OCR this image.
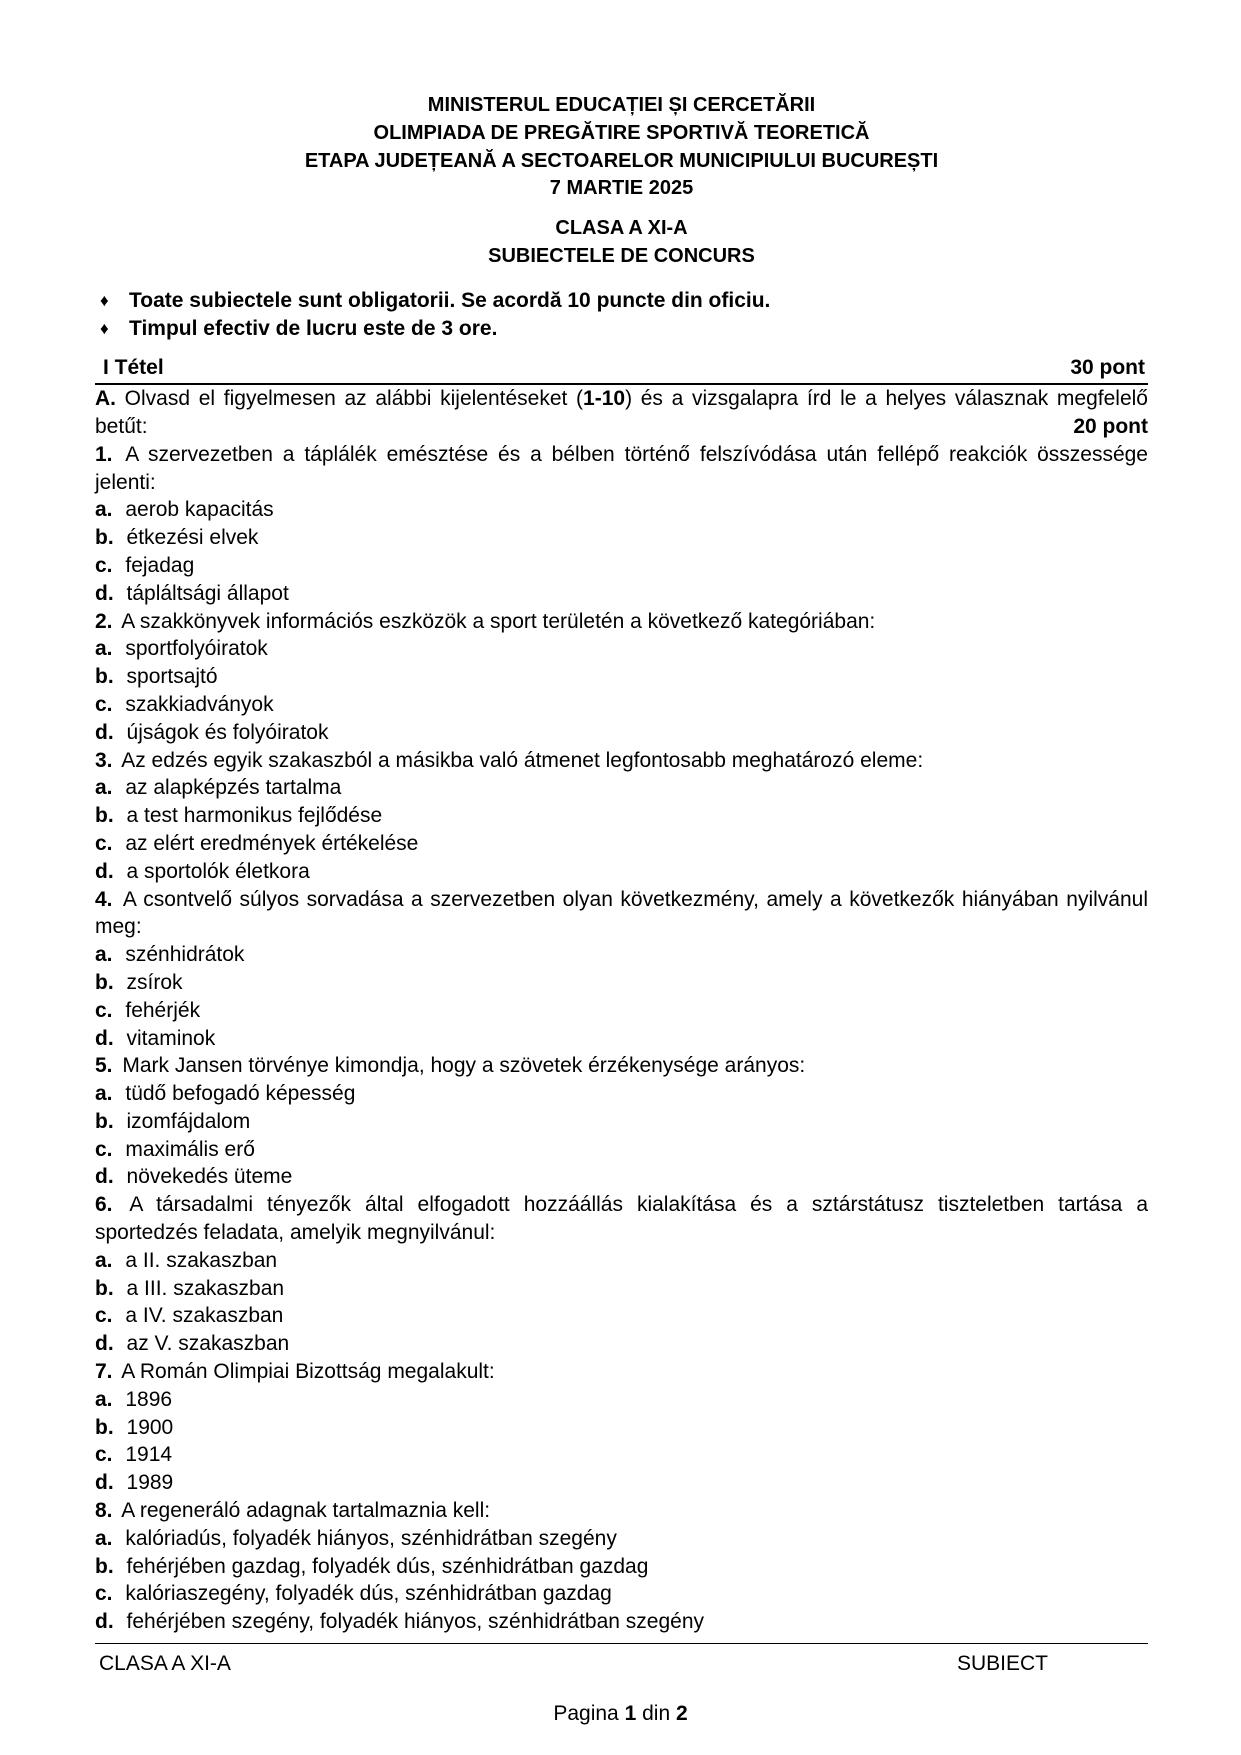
MINISTERUL EDUCAȚIEI ȘI CERCETĂRII
OLIMPIADA DE PREGĂTIRE SPORTIVĂ TEORETICĂ
ETAPA JUDEȚEANĂ A SECTOARELOR MUNICIPIULUI BUCUREȘTI
7 MARTIE 2025
CLASA A XI-A
SUBIECTELE DE CONCURS
♦ Toate subiectele sunt obligatorii. Se acordă 10 puncte din oficiu.
♦ Timpul efectiv de lucru este de 3 ore.
I Tétel	30 pont

A. Olvasd el figyelmesen az alábbi kijelentéseket (1-10) és a vizsgalapra írd le a helyes válasznak megfelelő betűt:	20 pont

1. A szervezetben a táplálék emésztése és a bélben történő felszívódása után fellépő reakciók összessége jelenti:

a. aerob kapacitás

b. étkezési elvek

c. fejadag

d. tápláltsági állapot

2. A szakkönyvek információs eszközök a sport területén a következő kategóriában:

a. sportfolyóiratok

b. sportsajtó

c. szakkiadványok

d. újságok és folyóiratok

3. Az edzés egyik szakaszból a másikba való átmenet legfontosabb meghatározó eleme:

a. az alapképzés tartalma

b. a test harmonikus fejlődése

c. az elért eredmények értékelése

d. a sportolók életkora

4. A csontvelő súlyos sorvadása a szervezetben olyan következmény, amely a következők hiányában nyilvánul meg:

a. szénhidrátok

b. zsírok

c. fehérjék

d. vitaminok

5. Mark Jansen törvénye kimondja, hogy a szövetek érzékenysége arányos:

a. tüdő befogadó képesség

b. izomfájdalom

c. maximális erő

d. növekedés üteme

6. A társadalmi tényezők által elfogadott hozzáállás kialakítása és a sztárstátusz tiszteletben tartása a sportedzés feladata, amelyik megnyilvánul:

a. a II. szakaszban

b. a III. szakaszban

c. a IV. szakaszban

d. az V. szakaszban

7. A Román Olimpiai Bizottság megalakult:

a. 1896

b. 1900

c. 1914

d. 1989

8. A regeneráló adagnak tartalmaznia kell:

a. kalóriadús, folyadék hiányos, szénhidrátban szegény

b. fehérjében gazdag, folyadék dús, szénhidrátban gazdag

c. kalóriaszegény, folyadék dús, szénhidrátban gazdag

d. fehérjében szegény, folyadék hiányos, szénhidrátban szegény

CLASA A XI-A	SUBIECT
Pagina 1 din 2
